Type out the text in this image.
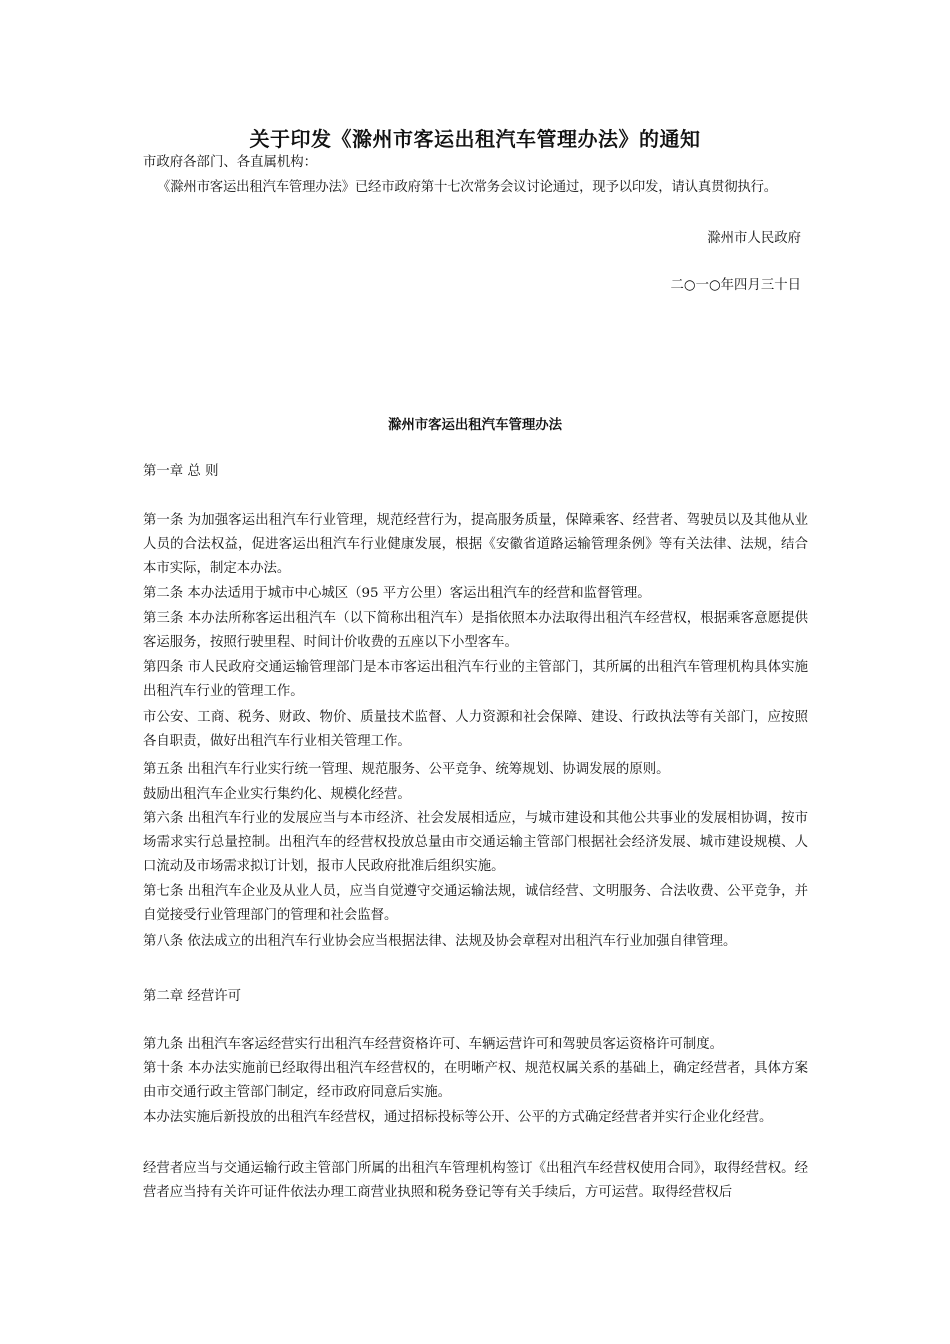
关于印发《滁州市客运出租汽车管理办法》的通知
市政府各部门、各直属机构：
《滁州市客运出租汽车管理办法》已经市政府第十七次常务会议讨论通过，现予以印发，请认真贯彻执行。
滁州市人民政府
二○一○年四月三十日
滁州市客运出租汽车管理办法
第一章 总 则
第一条 为加强客运出租汽车行业管理，规范经营行为，提高服务质量，保障乘客、经营者、驾驶员以及其他从业人员的合法权益，促进客运出租汽车行业健康发展，根据《安徽省道路运输管理条例》等有关法律、法规，结合本市实际，制定本办法。
第二条 本办法适用于城市中心城区（95 平方公里）客运出租汽车的经营和监督管理。
第三条 本办法所称客运出租汽车（以下简称出租汽车）是指依照本办法取得出租汽车经营权，根据乘客意愿提供客运服务，按照行驶里程、时间计价收费的五座以下小型客车。
第四条 市人民政府交通运输管理部门是本市客运出租汽车行业的主管部门，其所属的出租汽车管理机构具体实施出租汽车行业的管理工作。
市公安、工商、税务、财政、物价、质量技术监督、人力资源和社会保障、建设、行政执法等有关部门，应按照各自职责，做好出租汽车行业相关管理工作。
第五条 出租汽车行业实行统一管理、规范服务、公平竞争、统筹规划、协调发展的原则。
鼓励出租汽车企业实行集约化、规模化经营。
第六条 出租汽车行业的发展应当与本市经济、社会发展相适应，与城市建设和其他公共事业的发展相协调，按市场需求实行总量控制。出租汽车的经营权投放总量由市交通运输主管部门根据社会经济发展、城市建设规模、人口流动及市场需求拟订计划，报市人民政府批准后组织实施。
第七条 出租汽车企业及从业人员，应当自觉遵守交通运输法规，诚信经营、文明服务、合法收费、公平竞争，并自觉接受行业管理部门的管理和社会监督。
第八条 依法成立的出租汽车行业协会应当根据法律、法规及协会章程对出租汽车行业加强自律管理。
第二章 经营许可
第九条 出租汽车客运经营实行出租汽车经营资格许可、车辆运营许可和驾驶员客运资格许可制度。
第十条 本办法实施前已经取得出租汽车经营权的，在明晰产权、规范权属关系的基础上，确定经营者，具体方案由市交通行政主管部门制定，经市政府同意后实施。
本办法实施后新投放的出租汽车经营权，通过招标投标等公开、公平的方式确定经营者并实行企业化经营。
经营者应当与交通运输行政主管部门所属的出租汽车管理机构签订《出租汽车经营权使用合同》，取得经营权。经营者应当持有关许可证件依法办理工商营业执照和税务登记等有关手续后，方可运营。取得经营权后
